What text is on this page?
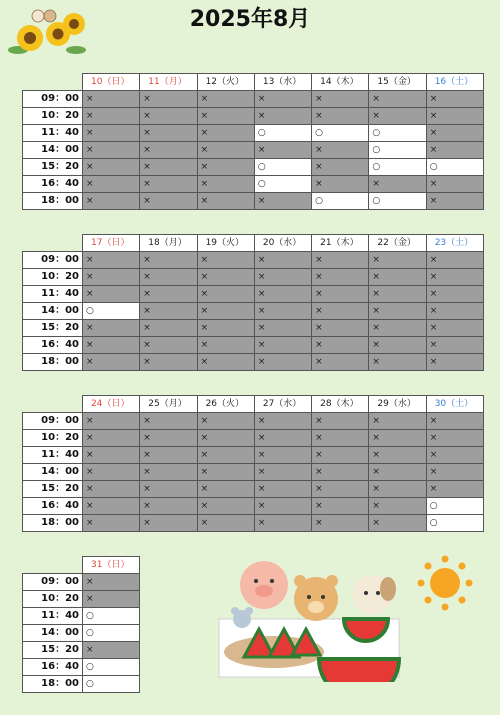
2025年8月
	10（日）	11（月）	12（火）	13（水）	14（木）	15（金）	16（土）
09：00	×	×	×	×	×	×	×
10：20	×	×	×	×	×	×	×
11：40	×	×	×	○	○	○	×
14：00	×	×	×	×	×	○	×
15：20	×	×	×	○	×	○	○
16：40	×	×	×	○	×	×	×
18：00	×	×	×	×	○	○	×
	17（日）	18（月）	19（火）	20（水）	21（木）	22（金）	23（土）
09：00	×	×	×	×	×	×	×
10：20	×	×	×	×	×	×	×
11：40	×	×	×	×	×	×	×
14：00	○	×	×	×	×	×	×
15：20	×	×	×	×	×	×	×
16：40	×	×	×	×	×	×	×
18：00	×	×	×	×	×	×	×
	24（日）	25（月）	26（火）	27（水）	28（木）	29（水）	30（土）
09：00	×	×	×	×	×	×	×
10：20	×	×	×	×	×	×	×
11：40	×	×	×	×	×	×	×
14：00	×	×	×	×	×	×	×
15：20	×	×	×	×	×	×	×
16：40	×	×	×	×	×	×	○
18：00	×	×	×	×	×	×	○
	31（日）
09：00	×
10：20	×
11：40	○
14：00	○
15：20	×
16：40	○
18：00	○
